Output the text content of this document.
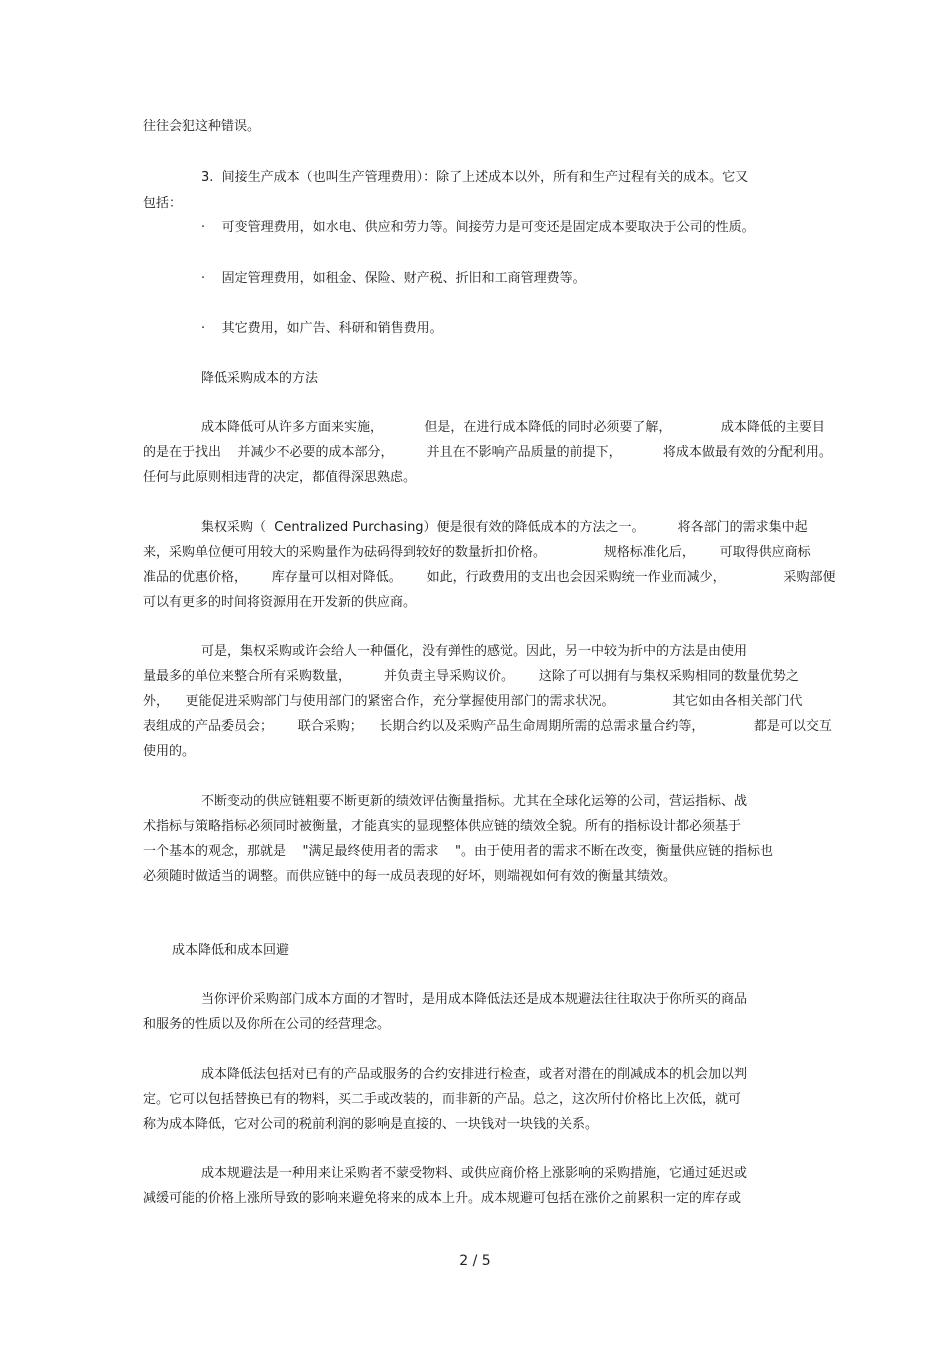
往往会犯这种错误。
3.  间接生产成本（也叫生产管理费用）：除了上述成本以外，所有和生产过程有关的成本。它又
包括：
·    可变管理费用，如水电、供应和劳力等。间接劳力是可变还是固定成本要取决于公司的性质。
·    固定管理费用，如租金、保险、财产税、折旧和工商管理费等。
·    其它费用，如广告、科研和销售费用。
降低采购成本的方法
成本降低可从许多方面来实施，          但是，在进行成本降低的同时必须要了解，            成本降低的主要目
的是在于找出    并减少不必要的成本部分，        并且在不影响产品质量的前提下，          将成本做最有效的分配利用。
任何与此原则相违背的决定，都值得深思熟虑。
集权采购（  Centralized Purchasing）便是很有效的降低成本的方法之一。        将各部门的需求集中起
来，采购单位便可用较大的采购量作为砝码得到较好的数量折扣价格。              规格标准化后，      可取得供应商标
准品的优惠价格，      库存量可以相对降低。      如此，行政费用的支出也会因采购统一作业而减少，              采购部便
可以有更多的时间将资源用在开发新的供应商。
可是，集权采购或许会给人一种僵化，没有弹性的感觉。因此，另一中较为折中的方法是由使用
量最多的单位来整合所有采购数量，        并负责主导采购议价。      这除了可以拥有与集权采购相同的数量优势之
外，    更能促进采购部门与使用部门的紧密合作，充分掌握使用部门的需求状况。              其它如由各相关部门代
表组成的产品委员会；      联合采购；    长期合约以及采购产品生命周期所需的总需求量合约等，            都是可以交互
使用的。
不断变动的供应链粗要不断更新的绩效评估衡量指标。尤其在全球化运筹的公司，营运指标、战
术指标与策略指标必须同时被衡量，才能真实的显现整体供应链的绩效全貌。所有的指标设计都必须基于
一个基本的观念，那就是    "满足最终使用者的需求    "。由于使用者的需求不断在改变，衡量供应链的指标也
必须随时做适当的调整。而供应链中的每一成员表现的好坏，则端视如何有效的衡量其绩效。
成本降低和成本回避
当你评价采购部门成本方面的才智时，是用成本降低法还是成本规避法往往取决于你所买的商品
和服务的性质以及你所在公司的经营理念。
成本降低法包括对已有的产品或服务的合约安排进行检查，或者对潜在的削减成本的机会加以判
定。它可以包括替换已有的物料，买二手或改装的，而非新的产品。总之，这次所付价格比上次低，就可
称为成本降低，它对公司的税前利润的影响是直接的、一块钱对一块钱的关系。
成本规避法是一种用来让采购者不蒙受物料、或供应商价格上涨影响的采购措施，它通过延迟或
减缓可能的价格上涨所导致的影响来避免将来的成本上升。成本规避可包括在涨价之前累积一定的库存或
2 / 5
